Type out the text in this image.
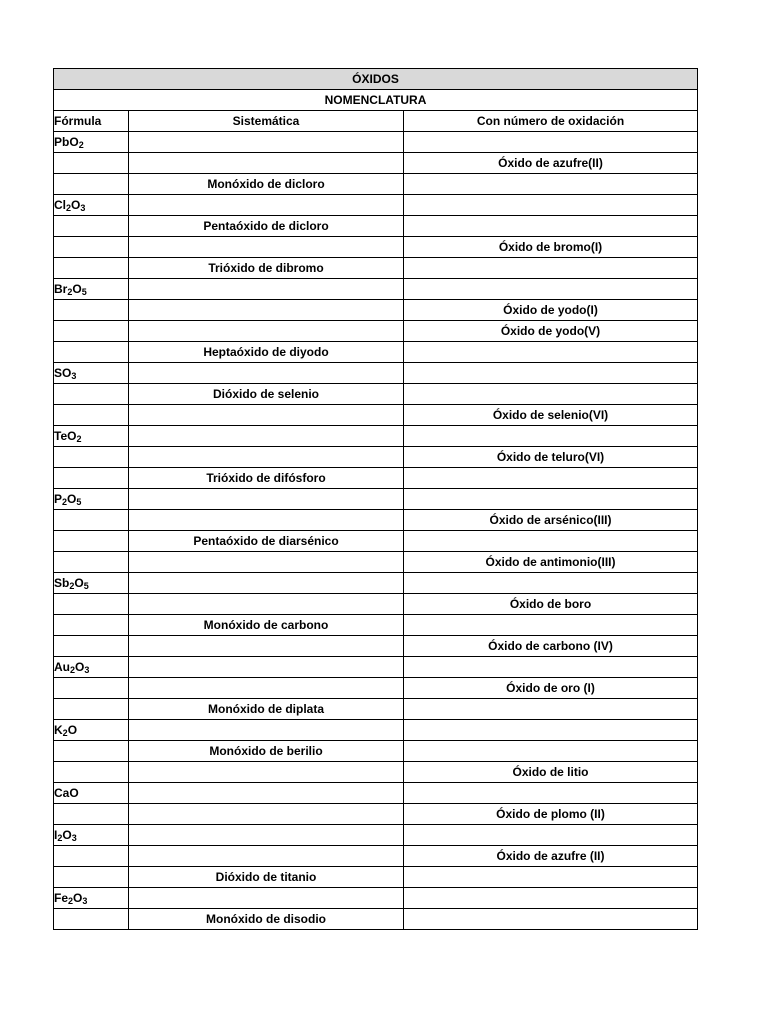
ÓXIDOS		
NOMENCLATURA		
Fórmula	Sistemática	Con número de oxidación
PbO$_2$		
		Óxido de azufre(II)
	Monóxido de dicloro	
$Cl_2O_3$		
	Pentaóxido de dicloro	
		Óxido de bromo(I)
	Trióxido de dibromo	
$Br_2O_5$		
		Óxido de yodo(I)
		Óxido de yodo(V)
	Heptaóxido de diyodo	
$SO_3$		
	Dióxido de selenio	
		Óxido de selenio(VI)
TeO$_2$		
		Óxido de teluro(VI)
	Trióxido de difósforo	
$P_2O_5$		
		Óxido de arsénico(III)
	Pentaóxido de diarsénico	
		Óxido de antimonio(III)
$Sb_2O_5$		
		Óxido de boro
	Monóxido de carbono	
		Óxido de carbono (IV)
$Au_2O_3$		
		Óxido de oro (I)
	Monóxido de diplata	
$K_2O$		
	Monóxido de berilio	
		Óxido de litio
CaO		
		Óxido de plomo (II)
$I_2O_3$		
		Óxido de azufre (II)
	Dióxido de titanio	
$Fe_2O_3$		
	Monóxido de disodio	
